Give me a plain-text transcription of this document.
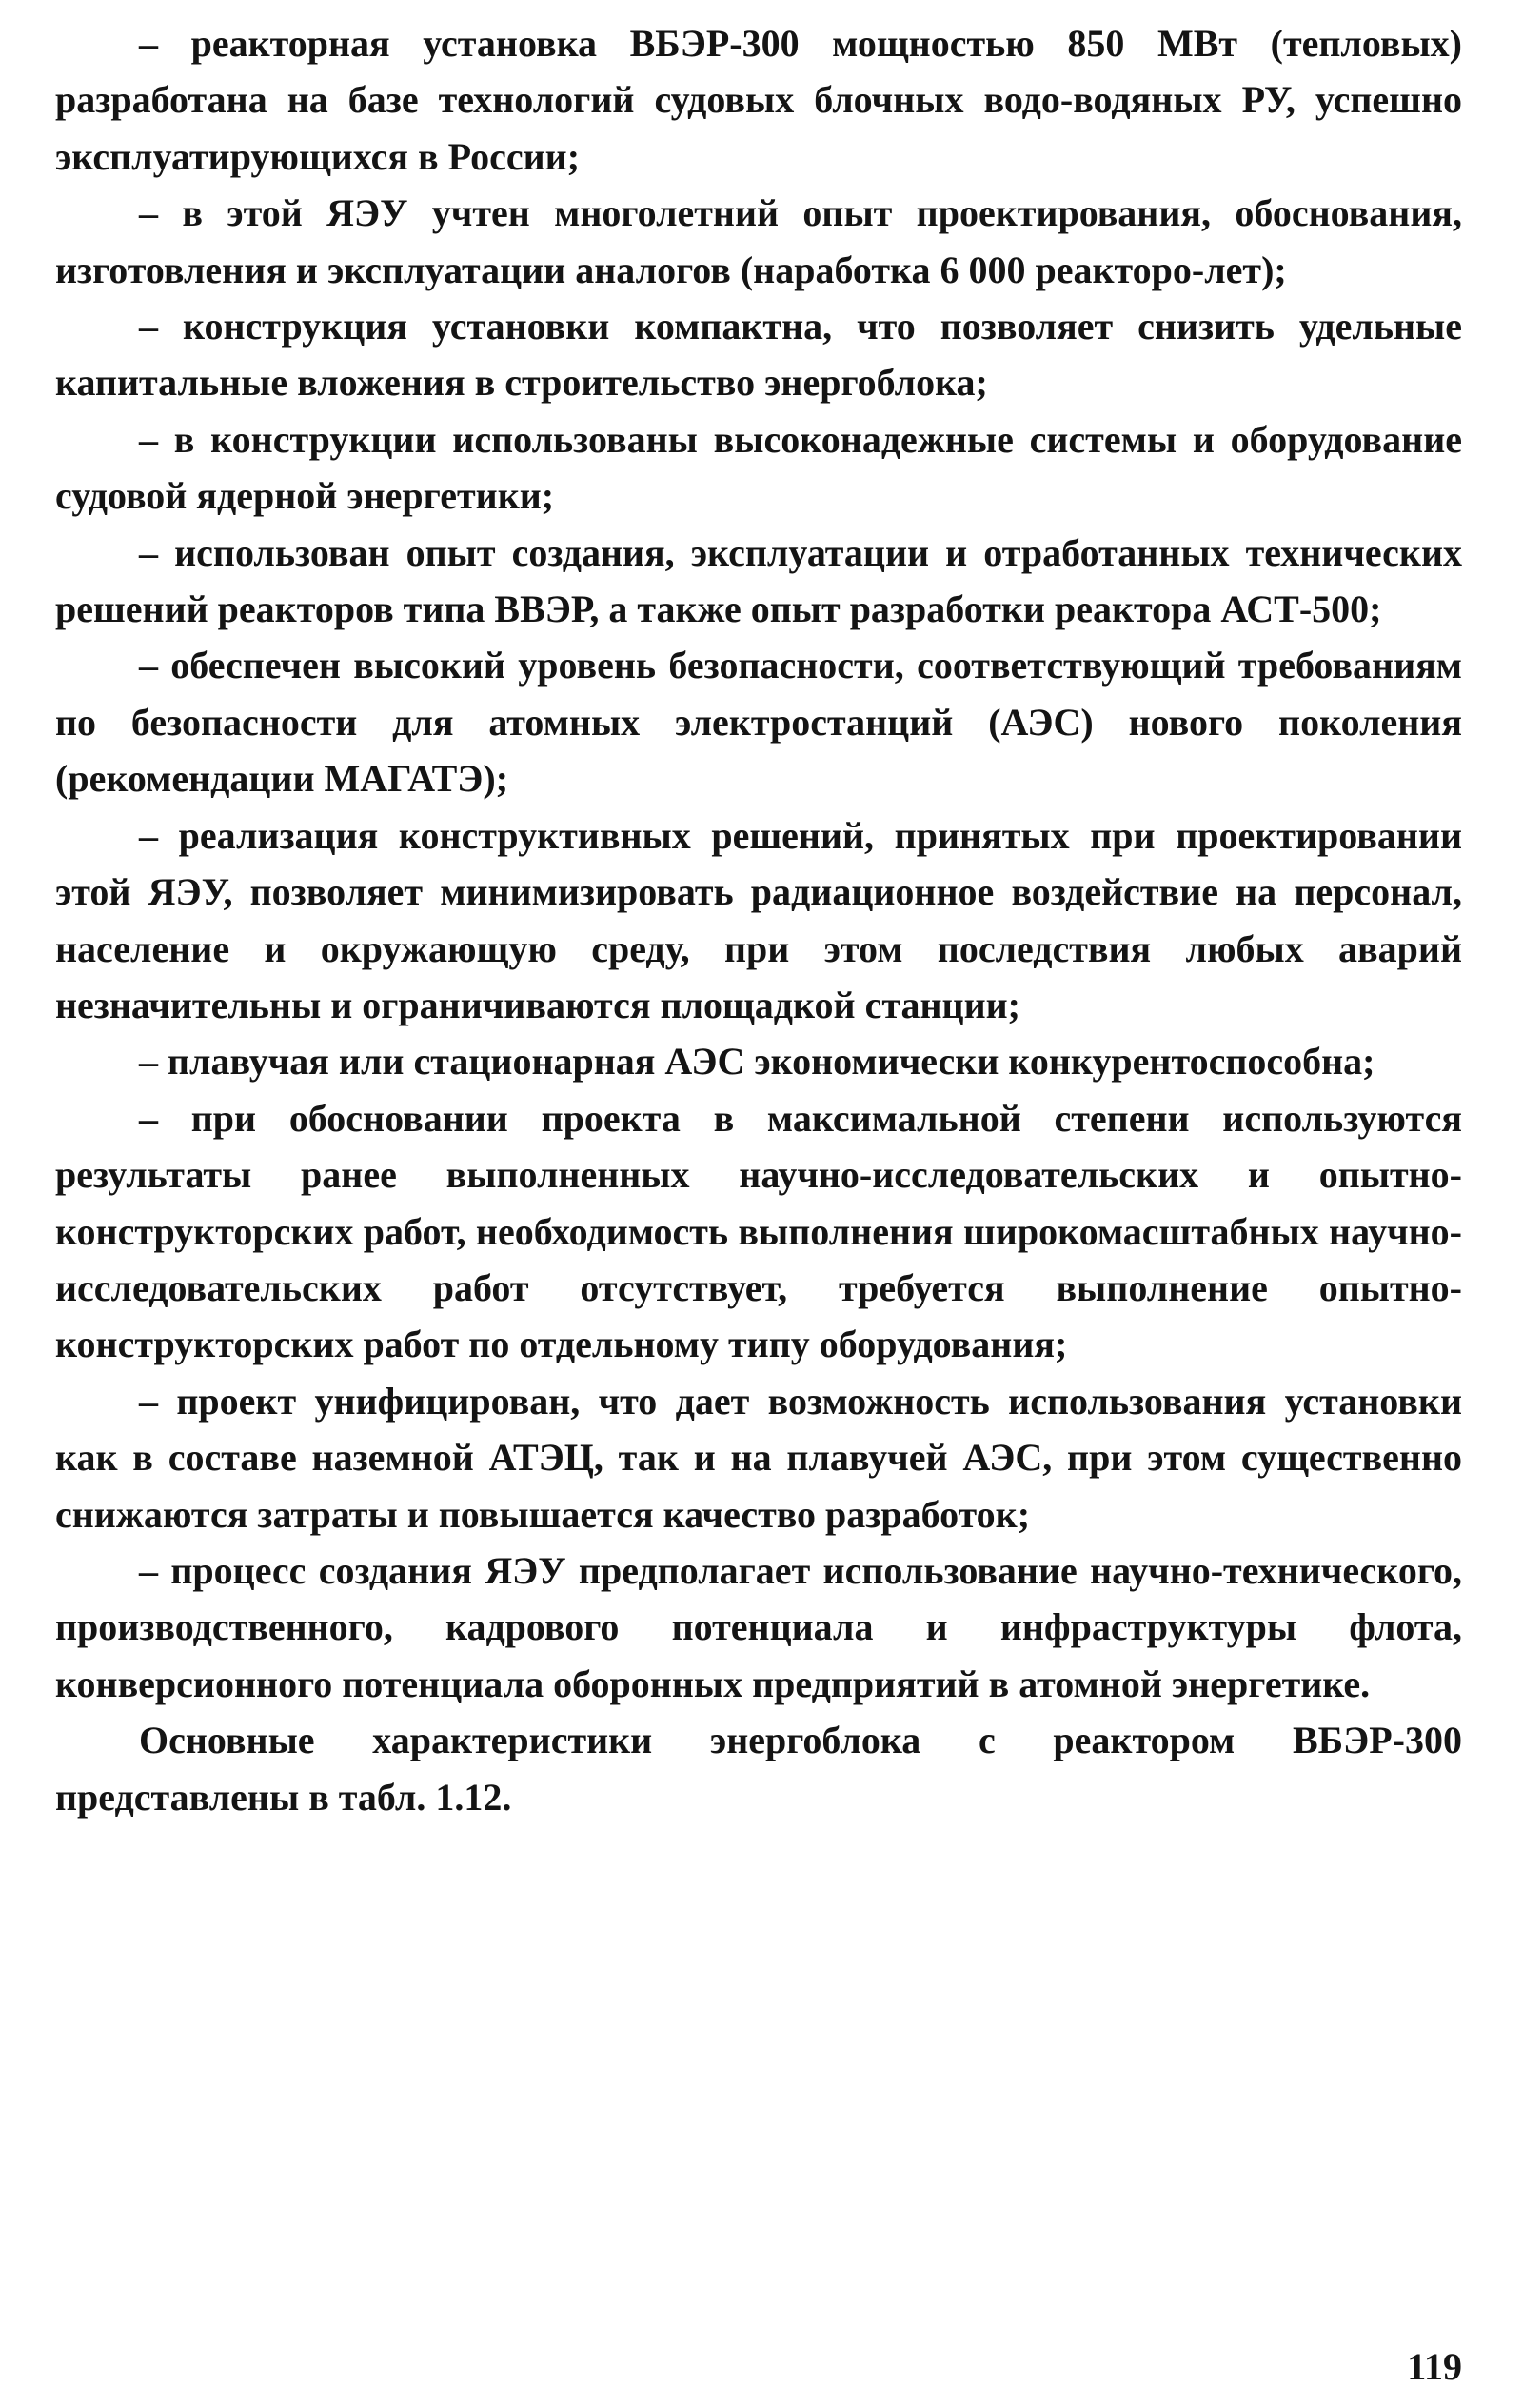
– реакторная установка ВБЭР-300 мощностью 850 МВт (тепловых) разработана на базе технологий судовых блочных водо-водяных РУ, успешно эксплуатирующихся в России;

– в этой ЯЭУ учтен многолетний опыт проектирования, обоснования, изготовления и эксплуатации аналогов (наработка 6 000 реакторо-лет);

– конструкция установки компактна, что позволяет снизить удельные капитальные вложения в строительство энергоблока;

– в конструкции использованы высоконадежные системы и оборудование судовой ядерной энергетики;

– использован опыт создания, эксплуатации и отработанных технических решений реакторов типа ВВЭР, а также опыт разработки реактора АСТ-500;

– обеспечен высокий уровень безопасности, соответствующий требованиям по безопасности для атомных электростанций (АЭС) нового поколения (рекомендации МАГАТЭ);

– реализация конструктивных решений, принятых при проектировании этой ЯЭУ, позволяет минимизировать радиационное воздействие на персонал, население и окружающую среду, при этом последствия любых аварий незначительны и ограничиваются площадкой станции;

– плавучая или стационарная АЭС экономически конкурентоспособна;

– при обосновании проекта в максимальной степени используются результаты ранее выполненных научно-исследовательских и опытно-конструкторских работ, необходимость выполнения широкомасштабных научно-исследовательских работ отсутствует, требуется выполнение опытно-конструкторских работ по отдельному типу оборудования;

– проект унифицирован, что дает возможность использования установки как в составе наземной АТЭЦ, так и на плавучей АЭС, при этом существенно снижаются затраты и повышается качество разработок;

– процесс создания ЯЭУ предполагает использование научно-технического, производственного, кадрового потенциала и инфраструктуры флота, конверсионного потенциала оборонных предприятий в атомной энергетике.

Основные характеристики энергоблока с реактором ВБЭР-300 представлены в табл. 1.12.

119
